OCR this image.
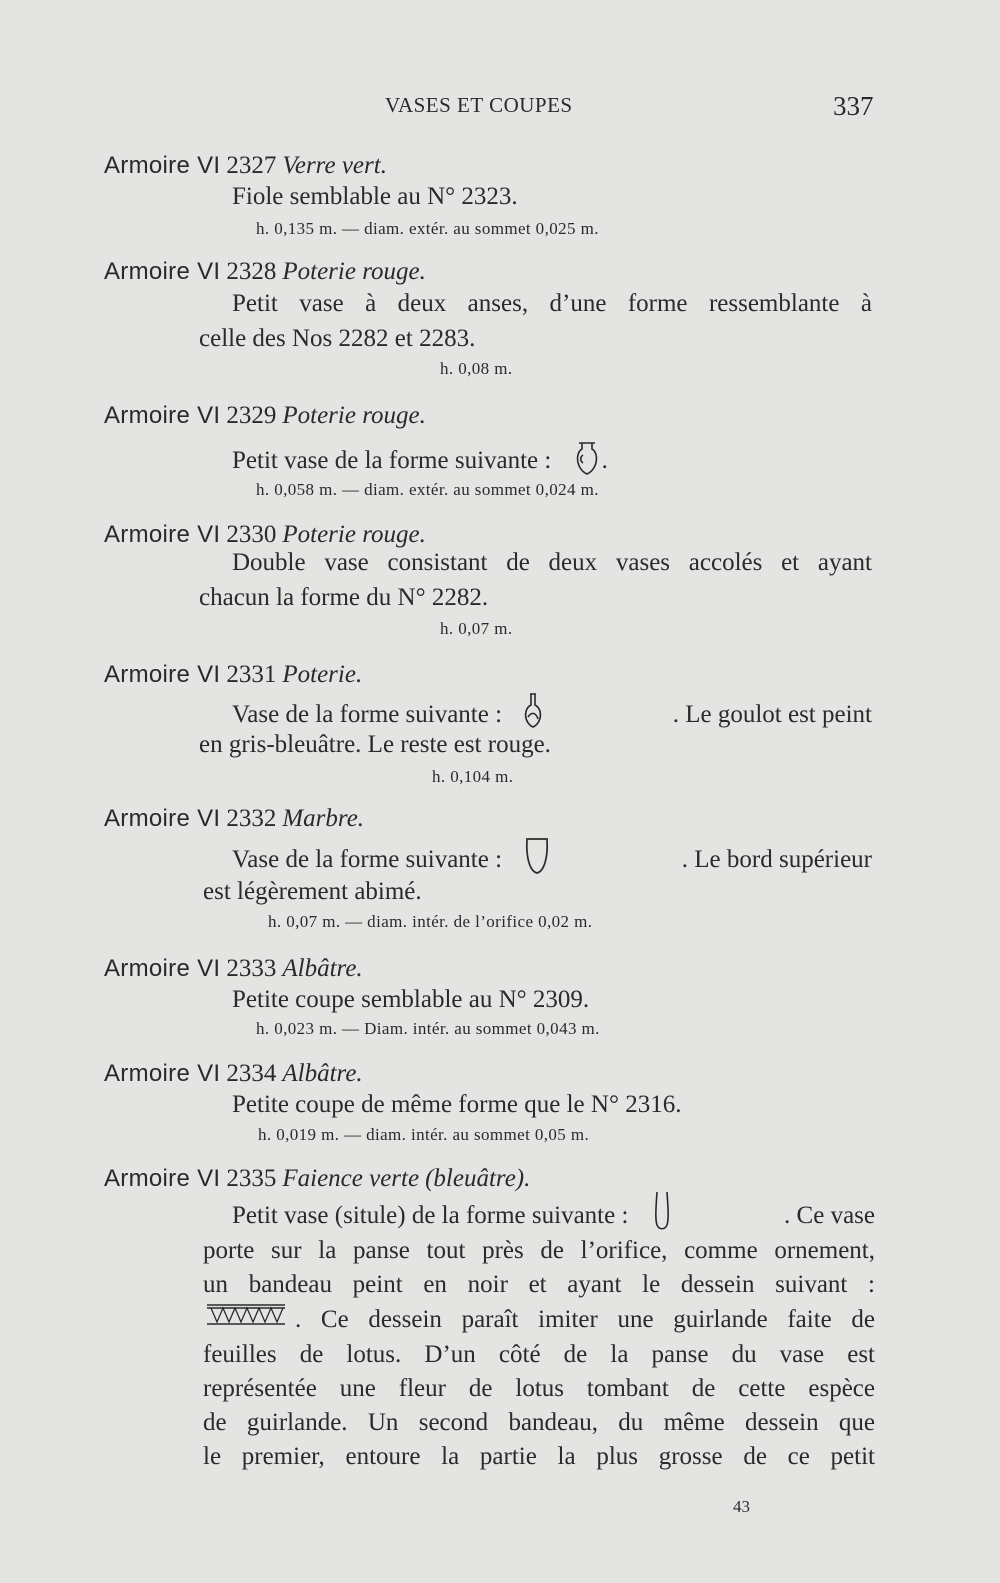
VASES ET COUPES	337
Armoire VI 2327 Verre vert.
Fiole semblable au N° 2323.
h. 0,135 m. — diam. extér. au sommet 0,025 m.
Armoire VI 2328 Poterie rouge.
Petit vase à deux anses, d’une forme ressemblante à
celle des Nos 2282 et 2283.
h. 0,08 m.
Armoire VI 2329 Poterie rouge.
Petit vase de la forme suivante : .
h. 0,058 m. — diam. extér. au sommet 0,024 m.
Armoire VI 2330 Poterie rouge.
Double vase consistant de deux vases accolés et ayant
chacun la forme du N° 2282.
h. 0,07 m.
Armoire VI 2331 Poterie.
Vase de la forme suivante :	. Le goulot est peint
en gris-bleuâtre. Le reste est rouge.
h. 0,104 m.
Armoire VI 2332 Marbre.
Vase de la forme suivante :	. Le bord supérieur
est légèrement abimé.
h. 0,07 m. — diam. intér. de l’orifice 0,02 m.
Armoire VI 2333 Albâtre.
Petite coupe semblable au N° 2309.
h. 0,023 m. — Diam. intér. au sommet 0,043 m.
Armoire VI 2334 Albâtre.
Petite coupe de même forme que le N° 2316.
h. 0,019 m. — diam. intér. au sommet 0,05 m.
Armoire VI 2335 Faience verte (bleuâtre).
Petit vase (situle) de la forme suivante :	. Ce vase
porte sur la panse tout près de l’orifice, comme ornement,
un bandeau peint en noir et ayant le dessein suivant :
. Ce dessein paraît imiter une guirlande faite de
feuilles de lotus. D’un côté de la panse du vase est
représentée une fleur de lotus tombant de cette espèce
de guirlande. Un second bandeau, du même dessein que
le premier, entoure la partie la plus grosse de ce petit
43
